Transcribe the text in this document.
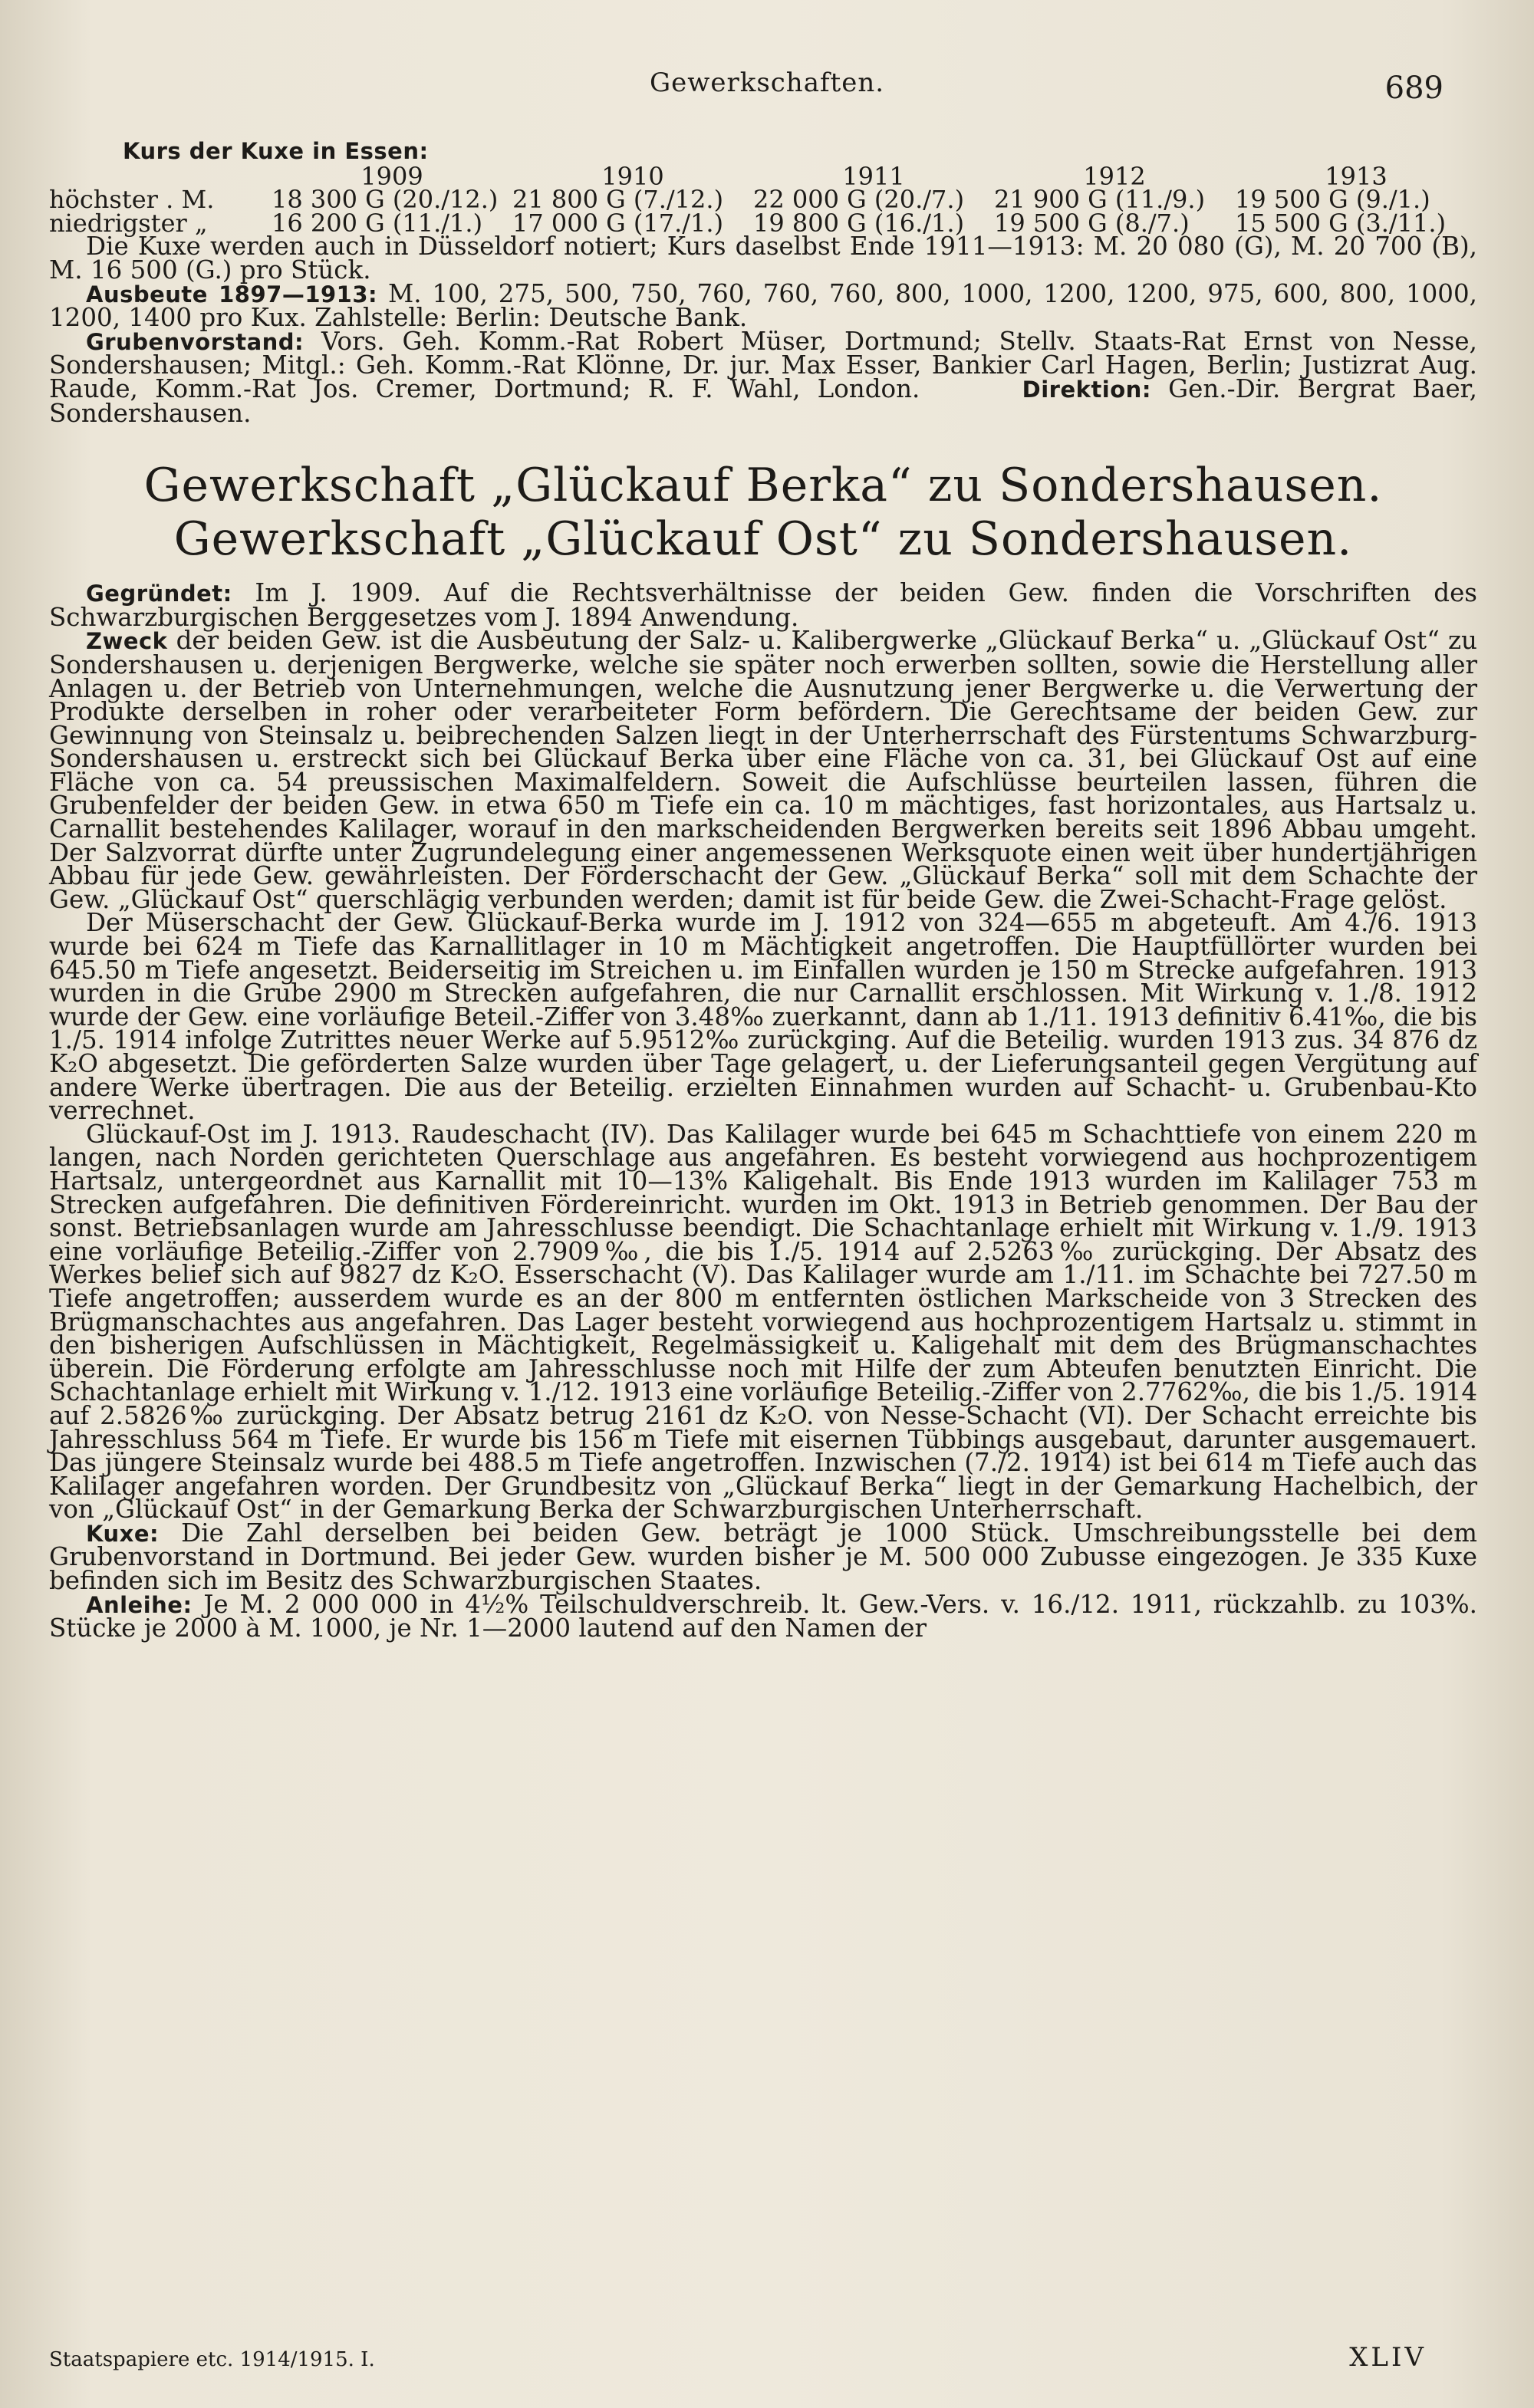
Gewerkschaften.	689
Kurs der Kuxe in Essen:
	1909	1910	1911	1912	1913
höchster . M.	18 300 G (20./12.)	21 800 G (7./12.)	22 000 G (20./7.)	21 900 G (11./9.)	19 500 G (9./1.)
niedrigster „	16 200 G (11./1.)	17 000 G (17./1.)	19 800 G (16./1.)	19 500 G (8./7.)	15 500 G (3./11.)

Die Kuxe werden auch in Düsseldorf notiert; Kurs daselbst Ende 1911—1913: M. 20 080 (G), M. 20 700 (B), M. 16 500 (G.) pro Stück.

Ausbeute 1897—1913: M. 100, 275, 500, 750, 760, 760, 760, 800, 1000, 1200, 1200, 975, 600, 800, 1000, 1200, 1400 pro Kux. Zahlstelle: Berlin: Deutsche Bank.

Grubenvorstand: Vors. Geh. Komm.-Rat Robert Müser, Dortmund; Stellv. Staats-Rat Ernst von Nesse, Sondershausen; Mitgl.: Geh. Komm.-Rat Klönne, Dr. jur. Max Esser, Bankier Carl Hagen, Berlin; Justizrat Aug. Raude, Komm.-Rat Jos. Cremer, Dortmund; R. F. Wahl, London.	Direktion: Gen.-Dir. Bergrat Baer, Sondershausen.

Gewerkschaft „Glückauf Berka“ zu Sondershausen.
Gewerkschaft „Glückauf Ost“ zu Sondershausen.

Gegründet: Im J. 1909. Auf die Rechtsverhältnisse der beiden Gew. finden die Vorschriften des Schwarzburgischen Berggesetzes vom J. 1894 Anwendung.

Zweck der beiden Gew. ist die Ausbeutung der Salz- u. Kalibergwerke „Glückauf Berka“ u. „Glückauf Ost“ zu Sondershausen u. derjenigen Bergwerke, welche sie später noch erwerben sollten, sowie die Herstellung aller Anlagen u. der Betrieb von Unternehmungen, welche die Ausnutzung jener Bergwerke u. die Verwertung der Produkte derselben in roher oder verarbeiteter Form befördern. Die Gerechtsame der beiden Gew. zur Gewinnung von Steinsalz u. beibrechenden Salzen liegt in der Unterherrschaft des Fürstentums Schwarzburg-Sondershausen u. erstreckt sich bei Glückauf Berka über eine Fläche von ca. 31, bei Glückauf Ost auf eine Fläche von ca. 54 preussischen Maximalfeldern. Soweit die Aufschlüsse beurteilen lassen, führen die Grubenfelder der beiden Gew. in etwa 650 m Tiefe ein ca. 10 m mächtiges, fast horizontales, aus Hartsalz u. Carnallit bestehendes Kalilager, worauf in den markscheidenden Bergwerken bereits seit 1896 Abbau umgeht. Der Salzvorrat dürfte unter Zugrundelegung einer angemessenen Werksquote einen weit über hundertjährigen Abbau für jede Gew. gewährleisten. Der Förderschacht der Gew. „Glückauf Berka“ soll mit dem Schachte der Gew. „Glückauf Ost“ querschlägig verbunden werden; damit ist für beide Gew. die Zwei-Schacht-Frage gelöst.

Der Müserschacht der Gew. Glückauf-Berka wurde im J. 1912 von 324—655 m abgeteuft. Am 4./6. 1913 wurde bei 624 m Tiefe das Karnallitlager in 10 m Mächtigkeit angetroffen. Die Hauptfüllörter wurden bei 645.50 m Tiefe angesetzt. Beiderseitig im Streichen u. im Einfallen wurden je 150 m Strecke aufgefahren. 1913 wurden in die Grube 2900 m Strecken aufgefahren, die nur Carnallit erschlossen. Mit Wirkung v. 1./8. 1912 wurde der Gew. eine vorläufige Beteil.-Ziffer von 3.48‰ zuerkannt, dann ab 1./11. 1913 definitiv 6.41‰, die bis 1./5. 1914 infolge Zutrittes neuer Werke auf 5.9512‰ zurückging. Auf die Beteilig. wurden 1913 zus. 34 876 dz K₂O abgesetzt. Die geförderten Salze wurden über Tage gelagert, u. der Lieferungsanteil gegen Vergütung auf andere Werke übertragen. Die aus der Beteilig. erzielten Einnahmen wurden auf Schacht- u. Grubenbau-Kto verrechnet.

Glückauf-Ost im J. 1913. Raudeschacht (IV). Das Kalilager wurde bei 645 m Schachttiefe von einem 220 m langen, nach Norden gerichteten Querschlage aus angefahren. Es besteht vorwiegend aus hochprozentigem Hartsalz, untergeordnet aus Karnallit mit 10—13% Kaligehalt. Bis Ende 1913 wurden im Kalilager 753 m Strecken aufgefahren. Die definitiven Fördereinricht. wurden im Okt. 1913 in Betrieb genommen. Der Bau der sonst. Betriebsanlagen wurde am Jahresschlusse beendigt. Die Schachtanlage erhielt mit Wirkung v. 1./9. 1913 eine vorläufige Beteilig.-Ziffer von 2.7909‰, die bis 1./5. 1914 auf 2.5263‰ zurückging. Der Absatz des Werkes belief sich auf 9827 dz K₂O. Esserschacht (V). Das Kalilager wurde am 1./11. im Schachte bei 727.50 m Tiefe angetroffen; ausserdem wurde es an der 800 m entfernten östlichen Markscheide von 3 Strecken des Brügmanschachtes aus angefahren. Das Lager besteht vorwiegend aus hochprozentigem Hartsalz u. stimmt in den bisherigen Aufschlüssen in Mächtigkeit, Regelmässigkeit u. Kaligehalt mit dem des Brügmanschachtes überein. Die Förderung erfolgte am Jahresschlusse noch mit Hilfe der zum Abteufen benutzten Einricht. Die Schachtanlage erhielt mit Wirkung v. 1./12. 1913 eine vorläufige Beteilig.-Ziffer von 2.7762‰, die bis 1./5. 1914 auf 2.5826‰ zurückging. Der Absatz betrug 2161 dz K₂O. von Nesse-Schacht (VI). Der Schacht erreichte bis Jahresschluss 564 m Tiefe. Er wurde bis 156 m Tiefe mit eisernen Tübbings ausgebaut, darunter ausgemauert. Das jüngere Steinsalz wurde bei 488.5 m Tiefe angetroffen. Inzwischen (7./2. 1914) ist bei 614 m Tiefe auch das Kalilager angefahren worden. Der Grundbesitz von „Glückauf Berka“ liegt in der Gemarkung Hachelbich, der von „Glückauf Ost“ in der Gemarkung Berka der Schwarzburgischen Unterherrschaft.

Kuxe: Die Zahl derselben bei beiden Gew. beträgt je 1000 Stück. Umschreibungsstelle bei dem Grubenvorstand in Dortmund. Bei jeder Gew. wurden bisher je M. 500 000 Zubusse eingezogen. Je 335 Kuxe befinden sich im Besitz des Schwarzburgischen Staates.

Anleihe: Je M. 2 000 000 in 4½% Teilschuldverschreib. lt. Gew.-Vers. v. 16./12. 1911, rückzahlb. zu 103%. Stücke je 2000 à M. 1000, je Nr. 1—2000 lautend auf den Namen der

Staatspapiere etc. 1914/1915. I.	XLIV
